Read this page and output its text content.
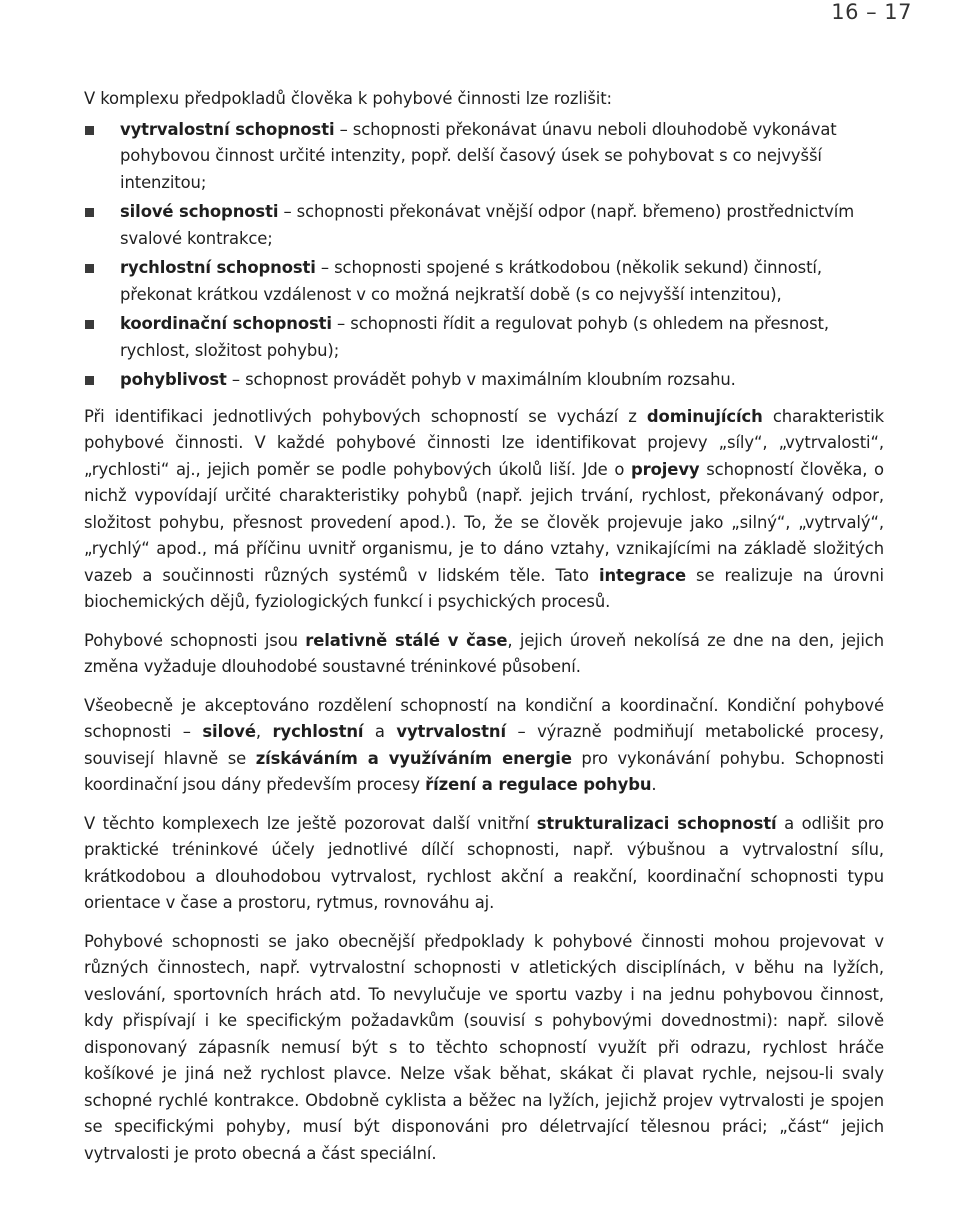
16 – 17

V komplexu předpokladů člověka k pohybové činnosti lze rozlišit:

vytrvalostní schopnosti – schopnosti překonávat únavu neboli dlouhodobě vykonávat pohybovou činnost určité intenzity, popř. delší časový úsek se pohybovat s co nejvyšší intenzitou;
silové schopnosti – schopnosti překonávat vnější odpor (např. břemeno) prostřednictvím svalové kontrakce;
rychlostní schopnosti – schopnosti spojené s krátkodobou (několik sekund) činností, překonat krátkou vzdálenost v co možná nejkratší době (s co nejvyšší intenzitou),
koordinační schopnosti – schopnosti řídit a regulovat pohyb (s ohledem na přesnost, rychlost, složitost pohybu);
pohyblivost – schopnost provádět pohyb v maximálním kloubním rozsahu.

Při identifikaci jednotlivých pohybových schopností se vychází z dominujících charakteristik pohybové činnosti. V každé pohybové činnosti lze identifikovat projevy „síly“, „vytrvalosti“, „rychlosti“ aj., jejich poměr se podle pohybových úkolů liší. Jde o projevy schopností člověka, o nichž vypovídají určité charakteristiky pohybů (např. jejich trvání, rychlost, překonávaný odpor, složitost pohybu, přesnost provedení apod.). To, že se člověk projevuje jako „silný“, „vytrvalý“, „rychlý“ apod., má příčinu uvnitř organismu, je to dáno vztahy, vznikajícími na základě složitých vazeb a součinnosti různých systémů v lidském těle. Tato integrace se realizuje na úrovni biochemických dějů, fyziologických funkcí i psychických procesů.

Pohybové schopnosti jsou relativně stálé v čase, jejich úroveň nekolísá ze dne na den, jejich změna vyžaduje dlouhodobé soustavné tréninkové působení.

Všeobecně je akceptováno rozdělení schopností na kondiční a koordinační. Kondiční pohybové schopnosti – silové, rychlostní a vytrvalostní – výrazně podmiňují metabolické procesy, souvisejí hlavně se získáváním a využíváním energie pro vykonávání pohybu. Schopnosti koordinační jsou dány především procesy řízení a regulace pohybu.

V těchto komplexech lze ještě pozorovat další vnitřní strukturalizaci schopností a odlišit pro praktické tréninkové účely jednotlivé dílčí schopnosti, např. výbušnou a vytrvalostní sílu, krátkodobou a dlouhodobou vytrvalost, rychlost akční a reakční, koordinační schopnosti typu orientace v čase a prostoru, rytmus, rovnováhu aj.

Pohybové schopnosti se jako obecnější předpoklady k pohybové činnosti mohou projevovat v různých činnostech, např. vytrvalostní schopnosti v atletických disciplínách, v běhu na lyžích, veslování, sportovních hrách atd. To nevylučuje ve sportu vazby i na jednu pohybovou činnost, kdy přispívají i ke specifickým požadavkům (souvisí s pohybovými dovednostmi): např. silově disponovaný zápasník nemusí být s to těchto schopností využít při odrazu, rychlost hráče košíkové je jiná než rychlost plavce. Nelze však běhat, skákat či plavat rychle, nejsou-li svaly schopné rychlé kontrakce. Obdobně cyklista a běžec na lyžích, jejichž projev vytrvalosti je spojen se specifickými pohyby, musí být disponováni pro déletrvající tělesnou práci; „část“ jejich vytrvalosti je proto obecná a část speciální.
